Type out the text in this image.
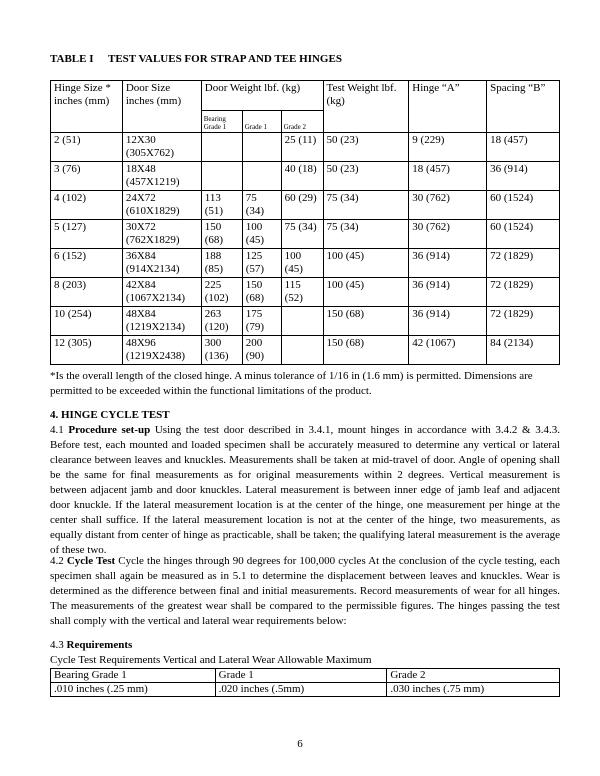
TABLE I TEST VALUES FOR STRAP AND TEE HINGES
Hinge Size * inches (mm)	Door Size inches (mm)	Door Weight lbf. (kg)			Test Weight lbf. (kg)	Hinge “A”	Spacing “B”
		Bearing Grade 1	Grade 1	Grade 2			
2 (51)	12X30 (305X762)			25 (11)	50 (23)	9 (229)	18 (457)
3 (76)	18X48 (457X1219)			40 (18)	50 (23)	18 (457)	36 (914)
4 (102)	24X72 (610X1829)	113 (51)	75 (34)	60 (29)	75 (34)	30 (762)	60 (1524)
5 (127)	30X72 (762X1829)	150 (68)	100 (45)	75 (34)	75 (34)	30 (762)	60 (1524)
6 (152)	36X84 (914X2134)	188 (85)	125 (57)	100 (45)	100 (45)	36 (914)	72 (1829)
8 (203)	42X84 (1067X2134)	225 (102)	150 (68)	115 (52)	100 (45)	36 (914)	72 (1829)
10 (254)	48X84 (1219X2134)	263 (120)	175 (79)		150 (68)	36 (914)	72 (1829)
12 (305)	48X96 (1219X2438)	300 (136)	200 (90)		150 (68)	42 (1067)	84 (2134)
*Is the overall length of the closed hinge. A minus tolerance of 1/16 in (1.6 mm) is permitted. Dimensions are permitted to be exceeded within the functional limitations of the product.
4. HINGE CYCLE TEST
4.1 Procedure set-up Using the test door described in 3.4.1, mount hinges in accordance with 3.4.2 & 3.4.3. Before test, each mounted and loaded specimen shall be accurately measured to determine any vertical or lateral clearance between leaves and knuckles. Measurements shall be taken at mid-travel of door. Angle of opening shall be the same for final measurements as for original measurements within 2 degrees. Vertical measurement is between adjacent jamb and door knuckles. Lateral measurement is between inner edge of jamb leaf and adjacent door knuckle. If the lateral measurement location is at the center of the hinge, one measurement per hinge at the center shall suffice. If the lateral measurement location is not at the center of the hinge, two measurements, as equally distant from center of hinge as practicable, shall be taken; the qualifying lateral measurement is the average of these two.
4.2 Cycle Test Cycle the hinges through 90 degrees for 100,000 cycles At the conclusion of the cycle testing, each specimen shall again be measured as in 5.1 to determine the displacement between leaves and knuckles. Wear is determined as the difference between final and initial measurements. Record measurements of wear for all hinges. The measurements of the greatest wear shall be compared to the permissible figures. The hinges passing the test shall comply with the vertical and lateral wear requirements below:
4.3 Requirements
Cycle Test Requirements Vertical and Lateral Wear Allowable Maximum
Bearing Grade 1	Grade 1	Grade 2
.010 inches (.25 mm)	.020 inches (.5mm)	.030 inches (.75 mm)
6
